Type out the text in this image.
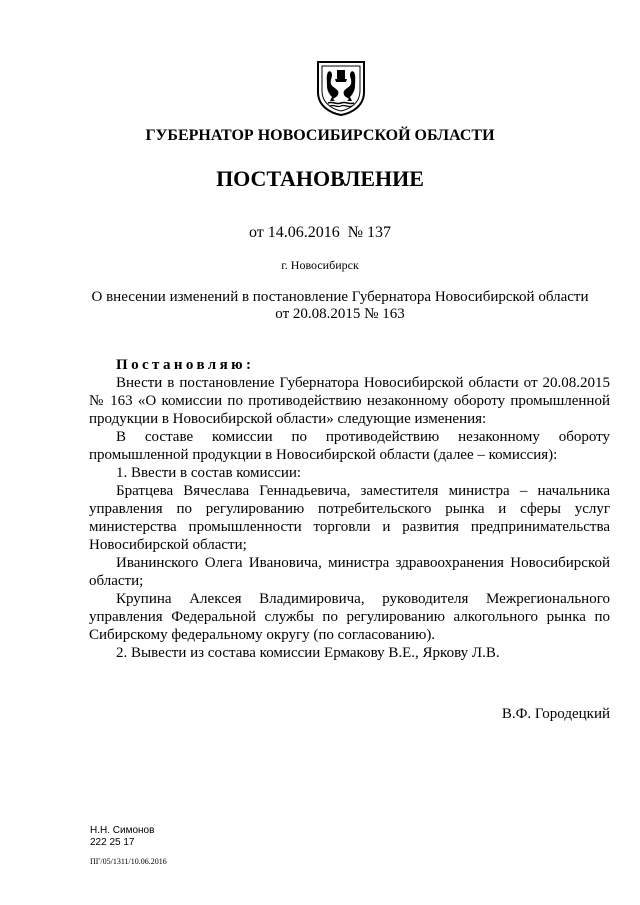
ГУБЕРНАТОР НОВОСИБИРСКОЙ ОБЛАСТИ

ПОСТАНОВЛЕНИЕ

от 14.06.2016  № 137

г. Новосибирск

О внесении изменений в постановление Губернатора Новосибирской области
от 20.08.2015 № 163

Постановляю:

Внести в постановление Губернатора Новосибирской области от 20.08.2015 № 163 «О комиссии по противодействию незаконному обороту промышленной продукции в Новосибирской области» следующие изменения:

В составе комиссии по противодействию незаконному обороту промышленной продукции в Новосибирской области (далее – комиссия):

1. Ввести в состав комиссии:

Братцева Вячеслава Геннадьевича, заместителя министра – начальника управления по регулированию потребительского рынка и сферы услуг министерства промышленности торговли и развития предпринимательства Новосибирской области;

Иванинского Олега Ивановича, министра здравоохранения Новосибирской области;

Крупина Алексея Владимировича, руководителя Межрегионального управления Федеральной службы по регулированию алкогольного рынка по Сибирскому федеральному округу (по согласованию).

2. Вывести из состава комиссии Ермакову В.Е., Яркову Л.В.

В.Ф. Городецкий
Н.Н. Симонов
222 25 17
ПГ/05/1311/10.06.2016
